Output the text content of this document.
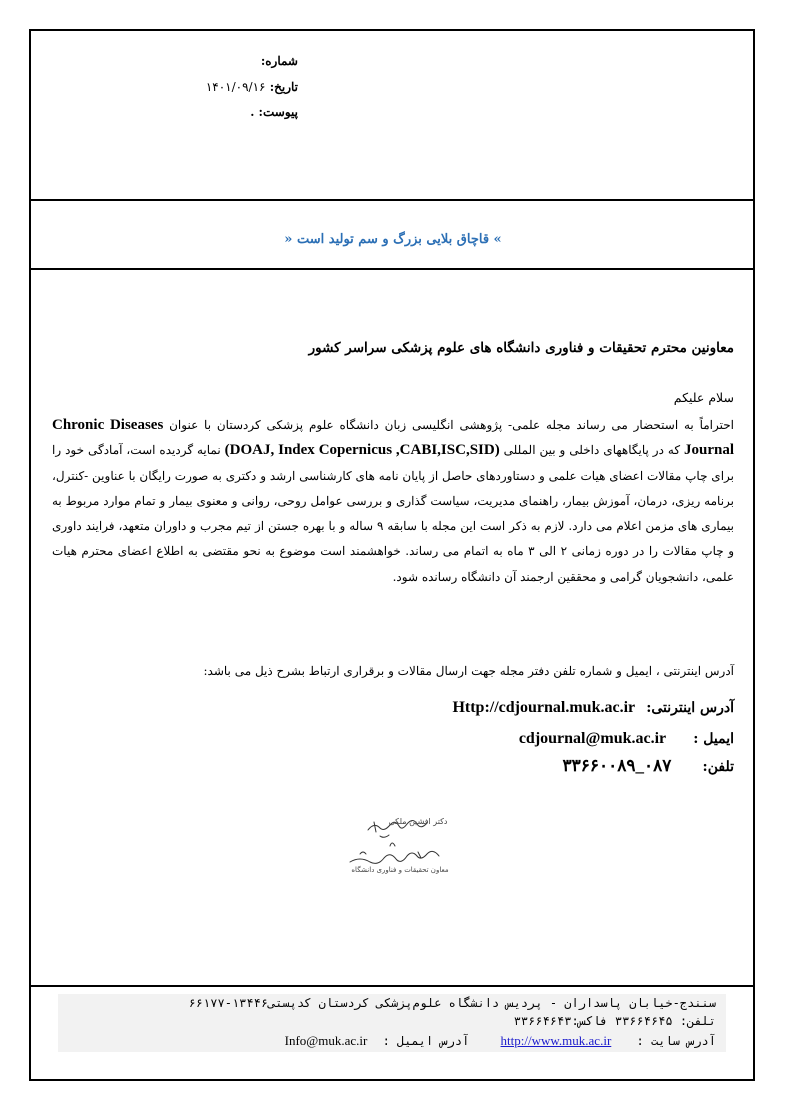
شماره:
تاریخ: ۱۴۰۱/۰۹/۱۶
پیوست: .
» قاچاق بلایی بزرگ و سم تولید است «
معاونین محترم تحقیقات و فناوری دانشگاه های علوم پزشکی سراسر کشور
سلام علیکم
احتراماً به استحضار می رساند مجله علمی- پژوهشی انگلیسی زبان دانشگاه علوم پزشکی کردستان با عنوان Chronic Diseases Journal که در پایگاههای داخلی و بین المللی (DOAJ, Index Copernicus ,CABI,ISC,SID) نمایه گردیده است، آمادگی خود را برای چاپ مقالات اعضای هیات علمی و دستاوردهای حاصل از پایان نامه های کارشناسی ارشد و دکتری به صورت رایگان با عناوین -کنترل، برنامه ریزی، درمان، آموزش بیمار، راهنمای مدیریت، سیاست گذاری و بررسی عوامل روحی، روانی و معنوی بیمار و تمام موارد مربوط به بیماری های مزمن اعلام می دارد. لازم به ذکر است این مجله با سابقه ۹ ساله و با بهره جستن از تیم مجرب و داوران متعهد، فرایند داوری و چاپ مقالات را در دوره زمانی ۲ الی ۳ ماه به اتمام می رساند. خواهشمند است موضوع به نحو مقتضی به اطلاع اعضای محترم هیات علمی، دانشجویان گرامی و محققین ارجمند آن دانشگاه رسانده شود.
آدرس اینترنتی ، ایمیل و شماره تلفن دفتر مجله جهت ارسال مقالات و برقراری ارتباط بشرح ذیل می باشد:
آدرس اینترنتی: Http://cdjournal.muk.ac.ir
ایمیل : cdjournal@muk.ac.ir
تلفن: ۳۳۶۶۰۰۸۹_۰۸۷
دکتر افشین ملکی
معاون تحقیقات و فناوری دانشگاه
سنندج-خیابان پاسداران - پردیس دانشگاه علوم‌پزشکی کردستان کدپستی۱۳۴۴۶-۶۶۱۷۷
تلفن: ۳۳۶۶۴۶۴۵ فاکس:۳۳۶۶۴۶۴۳
آدرس سایت : http://www.muk.ac.ir آدرس ایمیل : Info@muk.ac.ir
